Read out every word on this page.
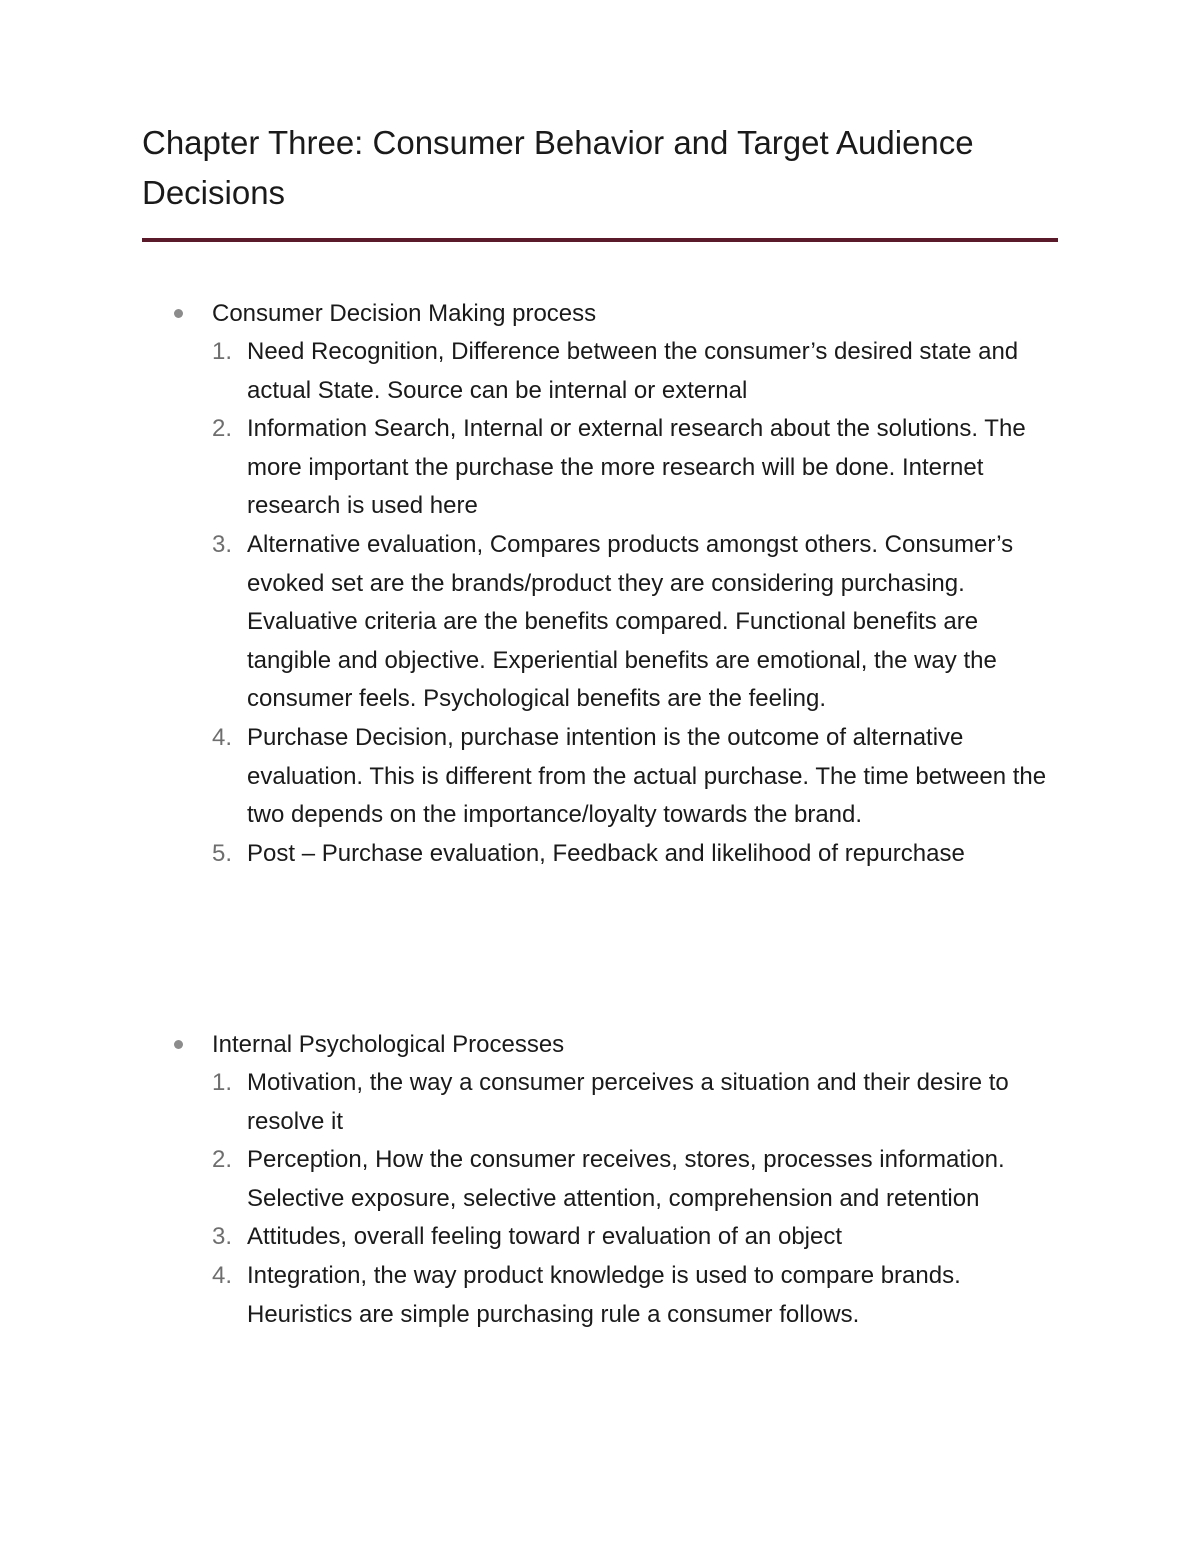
Chapter Three: Consumer Behavior and Target Audience Decisions
Consumer Decision Making process
1. Need Recognition, Difference between the consumer’s desired state and actual State. Source can be internal or external
2. Information Search, Internal or external research about the solutions. The more important the purchase the more research will be done. Internet research is used here
3. Alternative evaluation, Compares products amongst others. Consumer’s evoked set are the brands/product they are considering purchasing. Evaluative criteria are the benefits compared. Functional benefits are tangible and objective. Experiential benefits are emotional, the way the consumer feels. Psychological benefits are the feeling.
4. Purchase Decision, purchase intention is the outcome of alternative evaluation. This is different from the actual purchase. The time between the two depends on the importance/loyalty towards the brand.
5. Post – Purchase evaluation, Feedback and likelihood of repurchase
Internal Psychological Processes
1. Motivation, the way a consumer perceives a situation and their desire to resolve it
2. Perception, How the consumer receives, stores, processes information. Selective exposure, selective attention, comprehension and retention
3. Attitudes, overall feeling toward r evaluation of an object
4. Integration, the way product knowledge is used to compare brands. Heuristics are simple purchasing rule a consumer follows.
